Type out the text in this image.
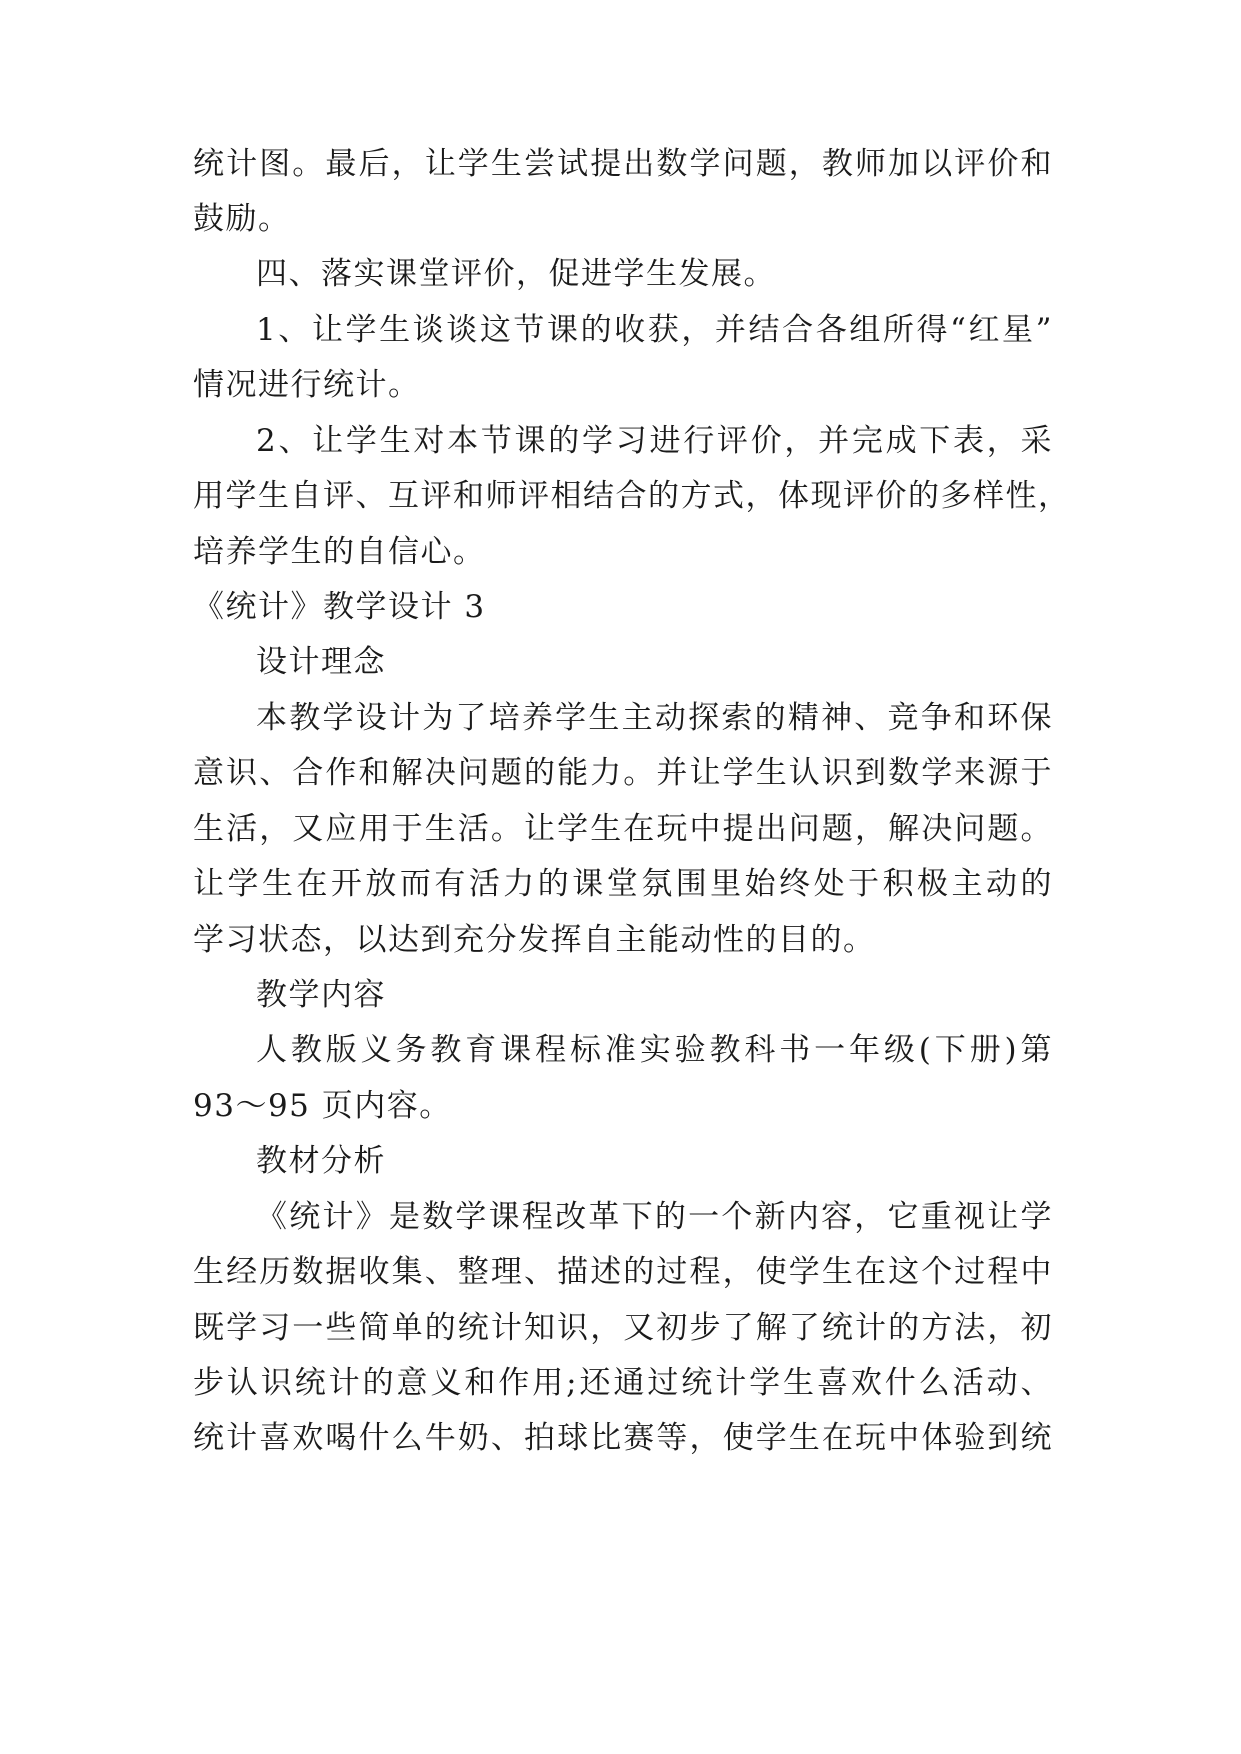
统计图。最后，让学生尝试提出数学问题，教师加以评价和
鼓励。
四、落实课堂评价，促进学生发展。
1、让学生谈谈这节课的收获，并结合各组所得“红星”
情况进行统计。
2、让学生对本节课的学习进行评价，并完成下表，采
用学生自评、互评和师评相结合的方式，体现评价的多样性，
培养学生的自信心。
《统计》教学设计 3
设计理念
本教学设计为了培养学生主动探索的精神、竞争和环保
意识、合作和解决问题的能力。并让学生认识到数学来源于
生活，又应用于生活。让学生在玩中提出问题，解决问题。
让学生在开放而有活力的课堂氛围里始终处于积极主动的
学习状态，以达到充分发挥自主能动性的目的。
教学内容
人教版义务教育课程标准实验教科书一年级(下册)第
93～95 页内容。
教材分析
《统计》是数学课程改革下的一个新内容，它重视让学
生经历数据收集、整理、描述的过程，使学生在这个过程中
既学习一些简单的统计知识，又初步了解了统计的方法，初
步认识统计的意义和作用;还通过统计学生喜欢什么活动、
统计喜欢喝什么牛奶、拍球比赛等，使学生在玩中体验到统
